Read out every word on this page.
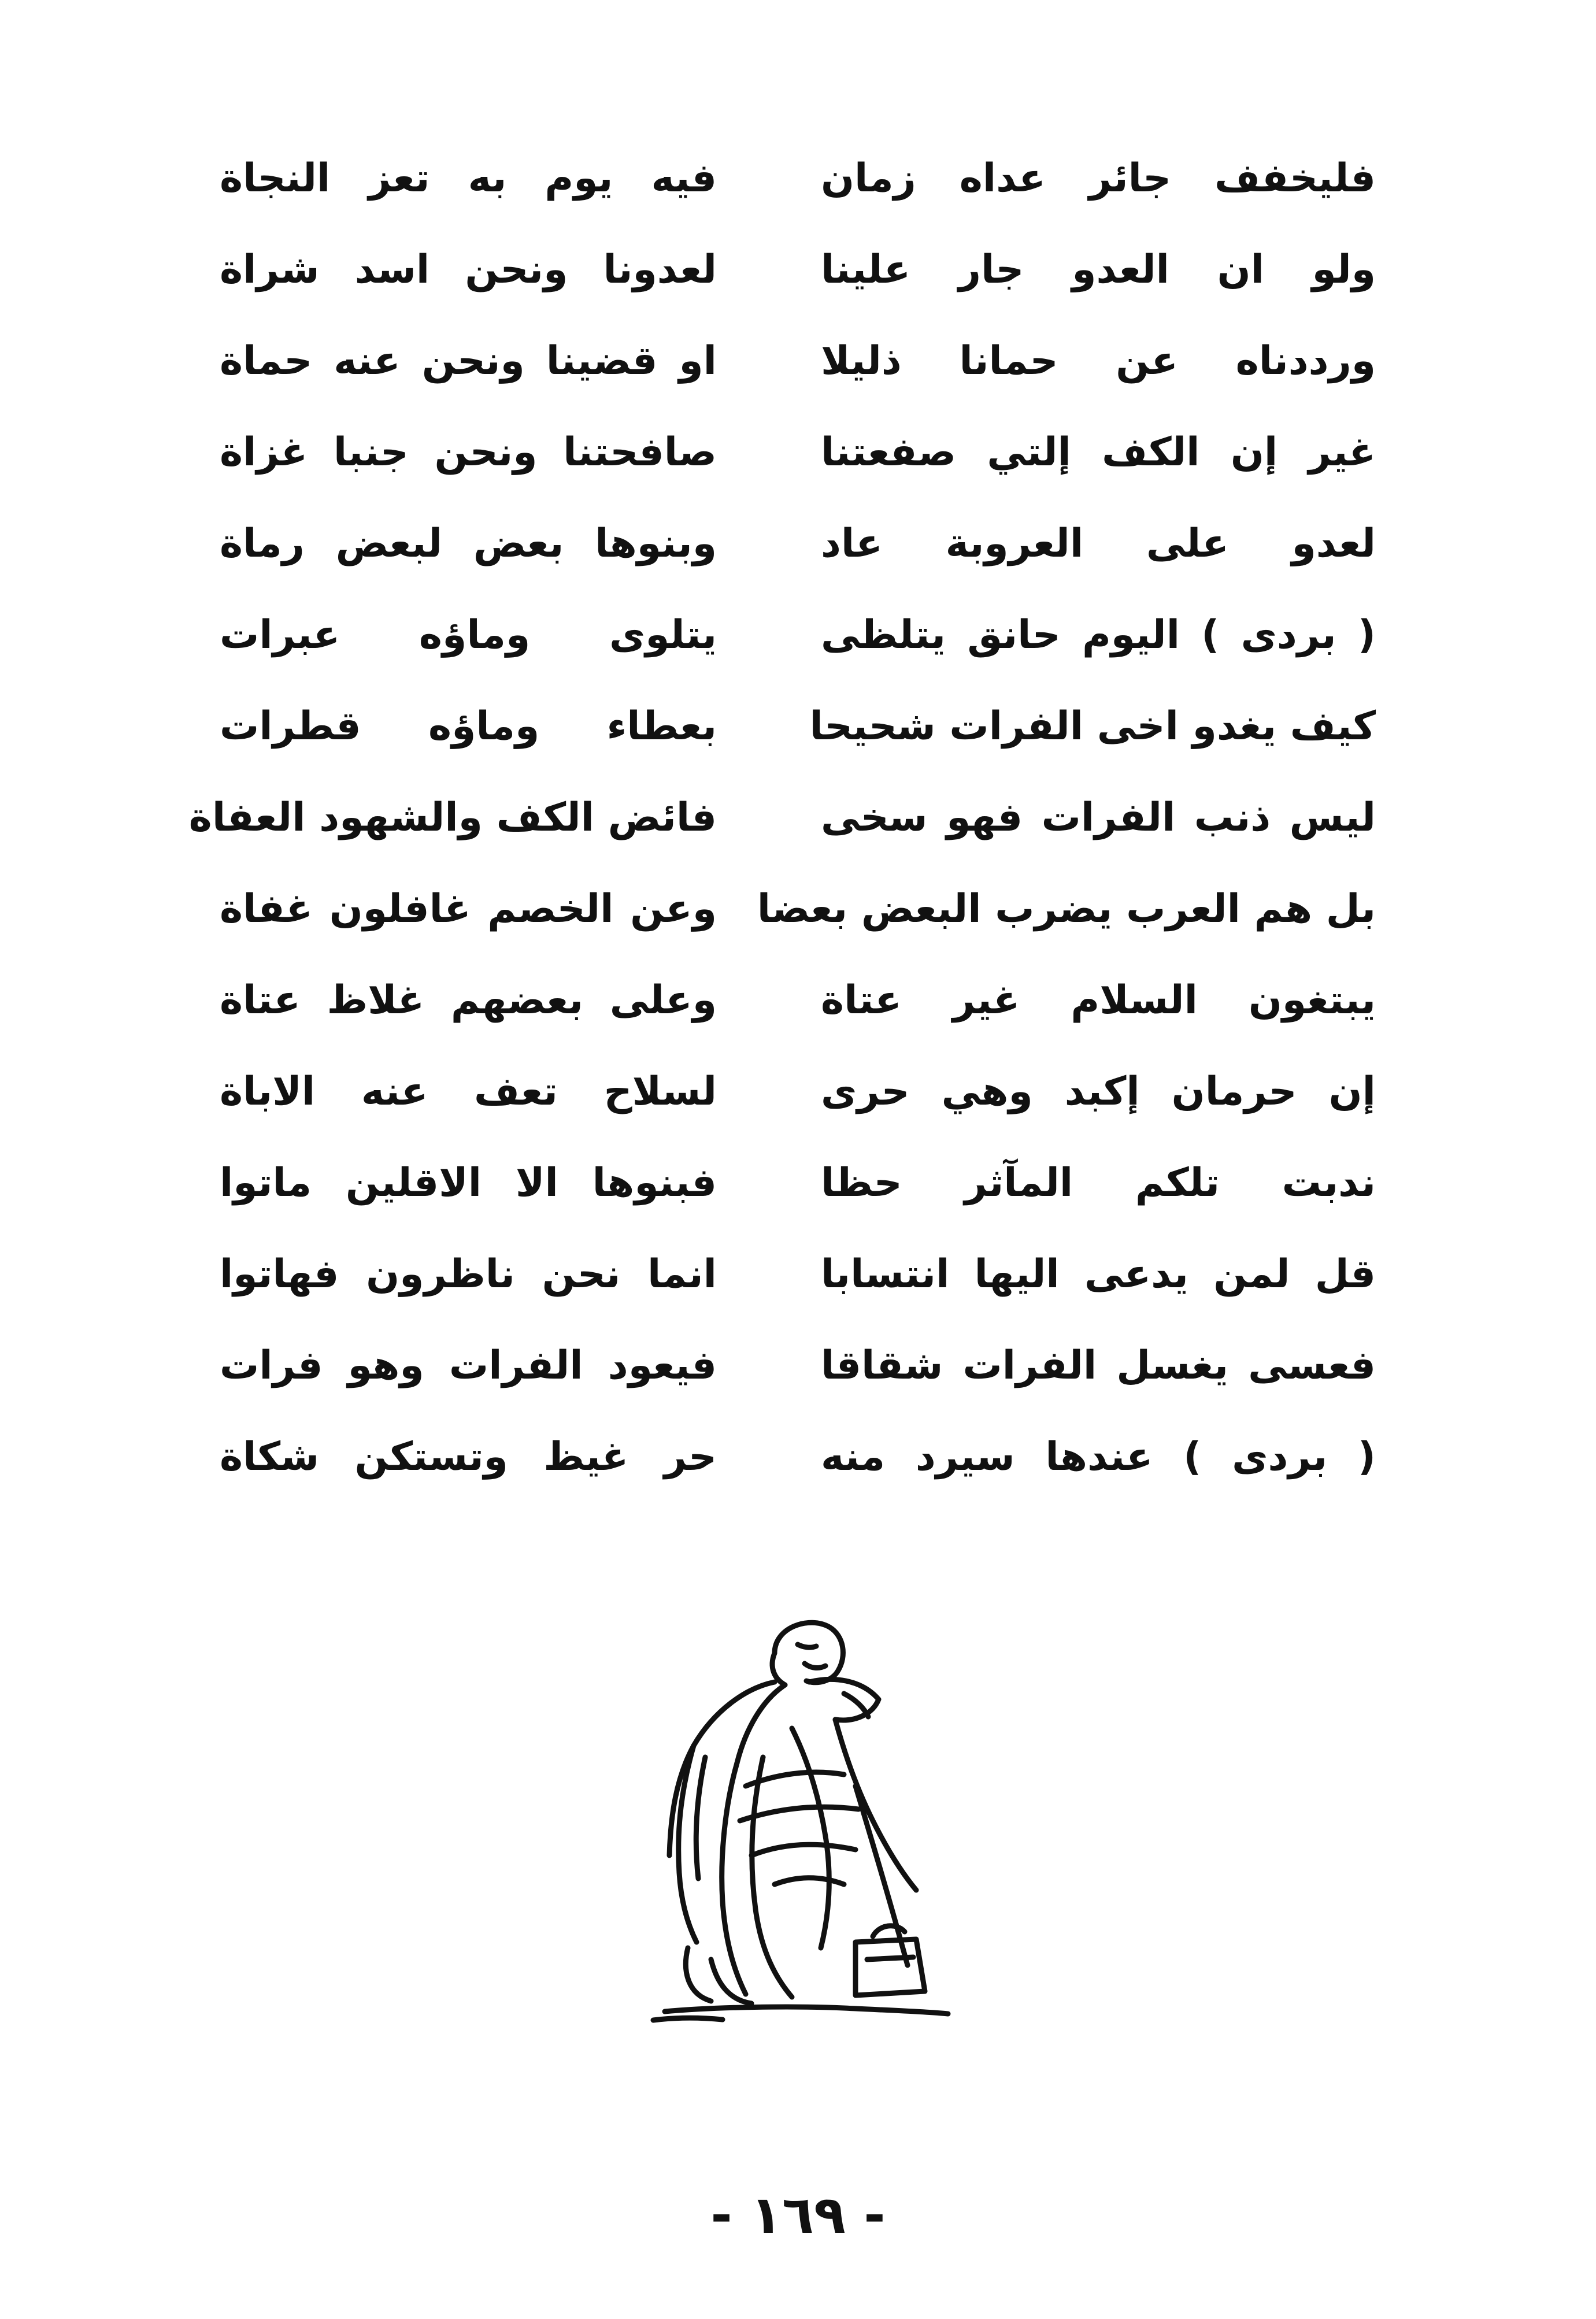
فليخفف جائر عداه زمان
فيه يوم به تعز النجاة
ولو ان العدو جار علينا
لعدونا ونحن اسد شراة
ورددناه عن حمانا ذليلا
او قضينا ونحن عنه حماة
غير إن الكف إلتي صفعتنا
صافحتنا ونحن جنبا غزاة
لعدو على العروبة عاد
وبنوها بعض لبعض رماة
( بردى ) اليوم حانق يتلظى
يتلوى وماؤه عبرات
كيف يغدو اخى الفرات شحيحا
بعطاء وماؤه قطرات
ليس ذنب الفرات فهو سخى
فائض الكف والشهود العفاة
بل هم العرب يضرب البعض بعضا
وعن الخصم غافلون غفاة
يبتغون السلام غير عتاة
وعلى بعضهم غلاظ عتاة
إن حرمان إكبد وهي حرى
لسلاح تعف عنه الاباة
ندبت تلكم المآثر حظا
فبنوها الا الاقلين ماتوا
قل لمن يدعى اليها انتسابا
انما نحن ناظرون فهاتوا
فعسى يغسل الفرات شقاقا
فيعود الفرات وهو فرات
( بردى ) عندها سيرد منه
حر غيظ وتستكن شكاة
- ١٦٩ -
